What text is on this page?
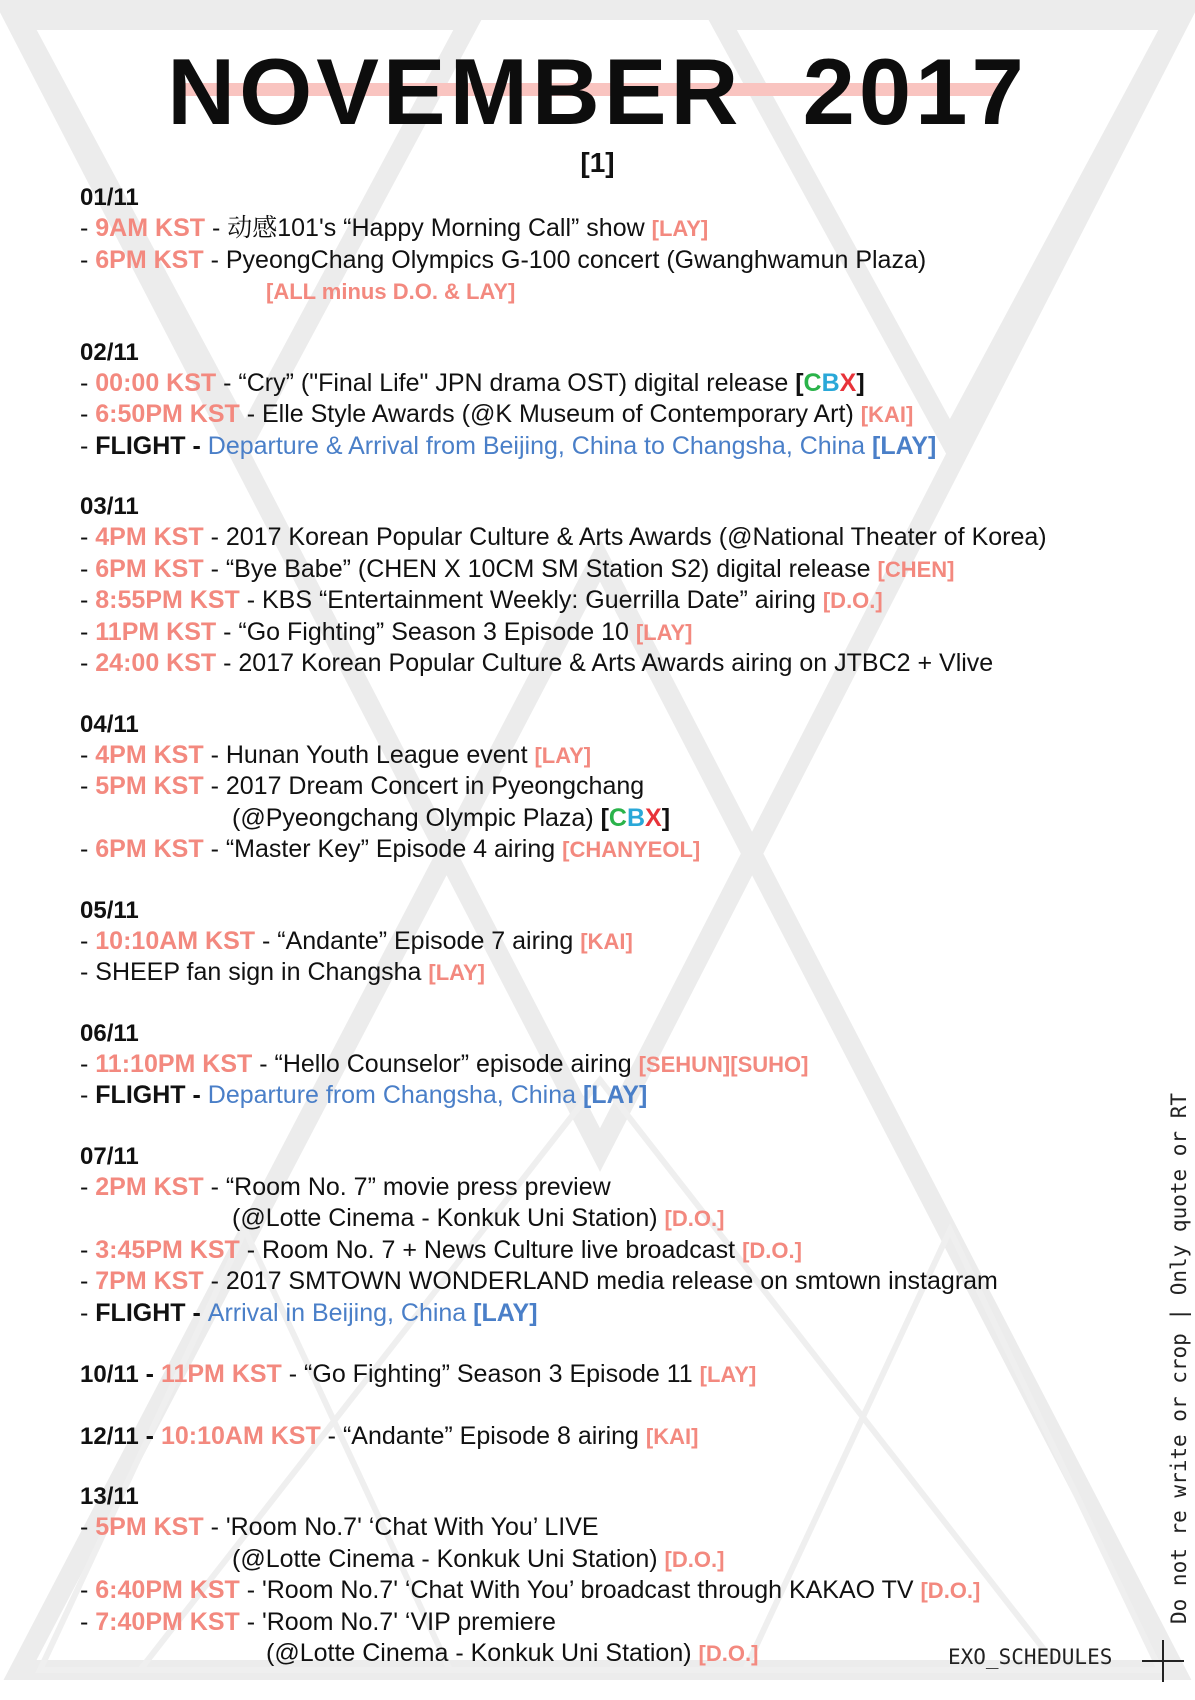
NOVEMBER  2017
[1]
01/11
- 9AM KST - 动感101's “Happy Morning Call” show [LAY]
- 6PM KST - PyeongChang Olympics G-100 concert (Gwanghwamun Plaza)
[ALL minus D.O. & LAY]
02/11
- 00:00 KST - “Cry” ("Final Life" JPN drama OST) digital release [CBX]
- 6:50PM KST - Elle Style Awards (@K Museum of Contemporary Art) [KAI]
- FLIGHT - Departure & Arrival from Beijing, China to Changsha, China [LAY]
03/11
- 4PM KST - 2017 Korean Popular Culture & Arts Awards (@National Theater of Korea)
- 6PM KST - “Bye Babe” (CHEN X 10CM SM Station S2) digital release [CHEN]
- 8:55PM KST - KBS “Entertainment Weekly: Guerrilla Date” airing [D.O.]
- 11PM KST - “Go Fighting” Season 3 Episode 10 [LAY]
- 24:00 KST - 2017 Korean Popular Culture & Arts Awards airing on JTBC2 + Vlive
04/11
- 4PM KST - Hunan Youth League event [LAY]
- 5PM KST - 2017 Dream Concert in Pyeongchang
(@Pyeongchang Olympic Plaza) [CBX]
- 6PM KST - “Master Key” Episode 4 airing [CHANYEOL]
05/11
- 10:10AM KST - “Andante” Episode 7 airing [KAI]
- SHEEP fan sign in Changsha [LAY]
06/11
- 11:10PM KST - “Hello Counselor” episode airing [SEHUN][SUHO]
- FLIGHT - Departure from Changsha, China [LAY]
07/11
- 2PM KST - “Room No. 7” movie press preview
(@Lotte Cinema - Konkuk Uni Station) [D.O.]
- 3:45PM KST - Room No. 7 + News Culture live broadcast [D.O.]
- 7PM KST - 2017 SMTOWN WONDERLAND media release on smtown instagram
- FLIGHT - Arrival in Beijing, China [LAY]
10/11 - 11PM KST - “Go Fighting” Season 3 Episode 11 [LAY]
12/11 - 10:10AM KST - “Andante” Episode 8 airing [KAI]
13/11
- 5PM KST - 'Room No.7' ‘Chat With You’ LIVE
(@Lotte Cinema - Konkuk Uni Station) [D.O.]
- 6:40PM KST - 'Room No.7' ‘Chat With You’ broadcast through KAKAO TV [D.O.]
- 7:40PM KST - 'Room No.7' ‘VIP premiere
(@Lotte Cinema - Konkuk Uni Station) [D.O.]
Do not re write or crop | Only quote or RT
EXO_SCHEDULES
